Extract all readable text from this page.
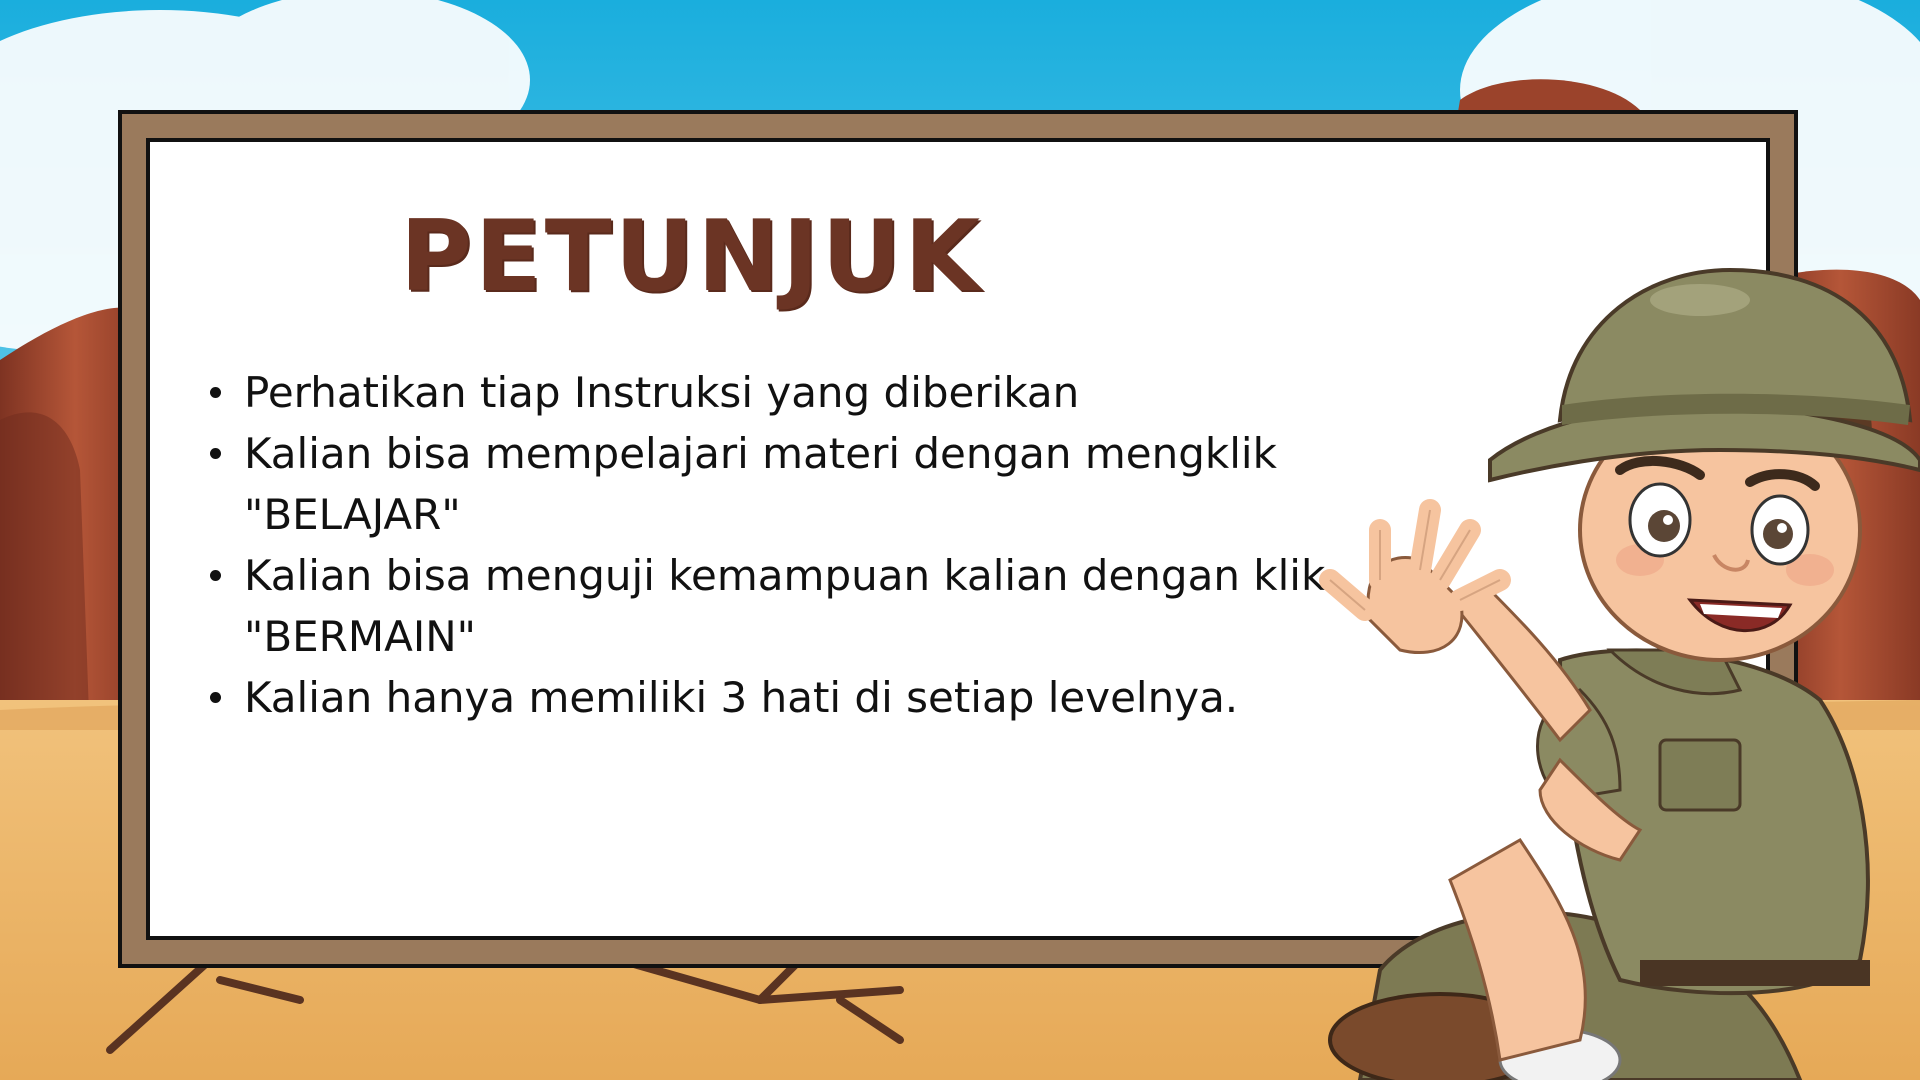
PETUNJUK
Perhatikan tiap Instruksi yang diberikan
Kalian bisa mempelajari materi dengan mengklik "BELAJAR"
Kalian bisa menguji kemampuan kalian dengan klik "BERMAIN"
Kalian hanya memiliki 3 hati di setiap levelnya.
